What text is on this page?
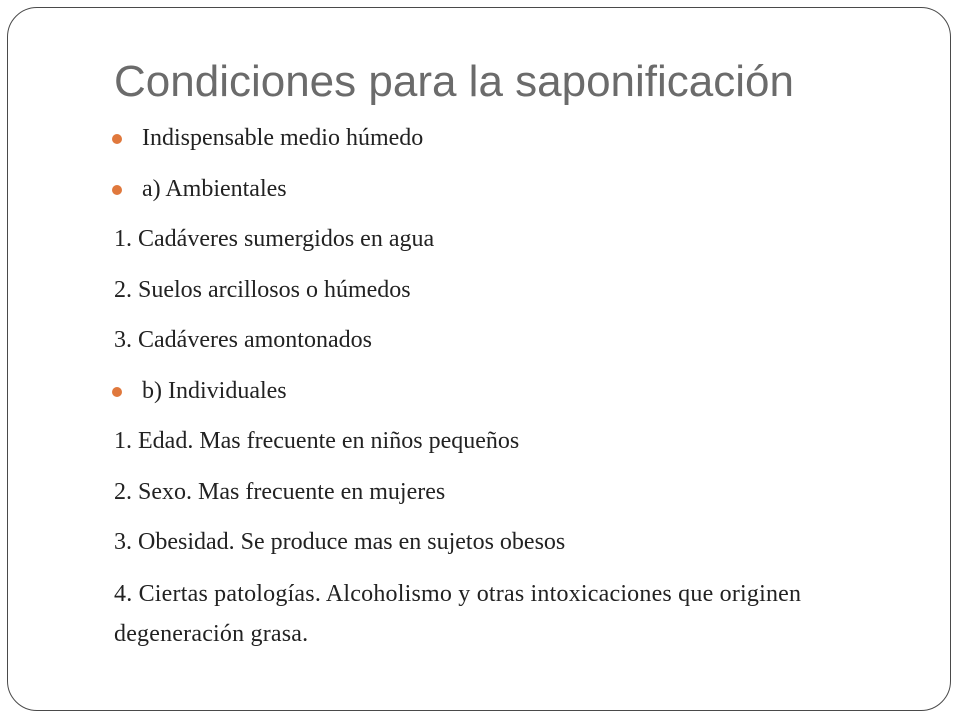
Condiciones para la saponificación

Indispensable medio húmedo

a) Ambientales

1. Cadáveres sumergidos en agua

2. Suelos arcillosos o húmedos

3. Cadáveres amontonados

b) Individuales

1. Edad. Mas frecuente en niños pequeños

2. Sexo. Mas frecuente en mujeres

3. Obesidad. Se produce mas en sujetos obesos

4. Ciertas patologías. Alcoholismo y otras intoxicaciones que originen degeneración grasa.
